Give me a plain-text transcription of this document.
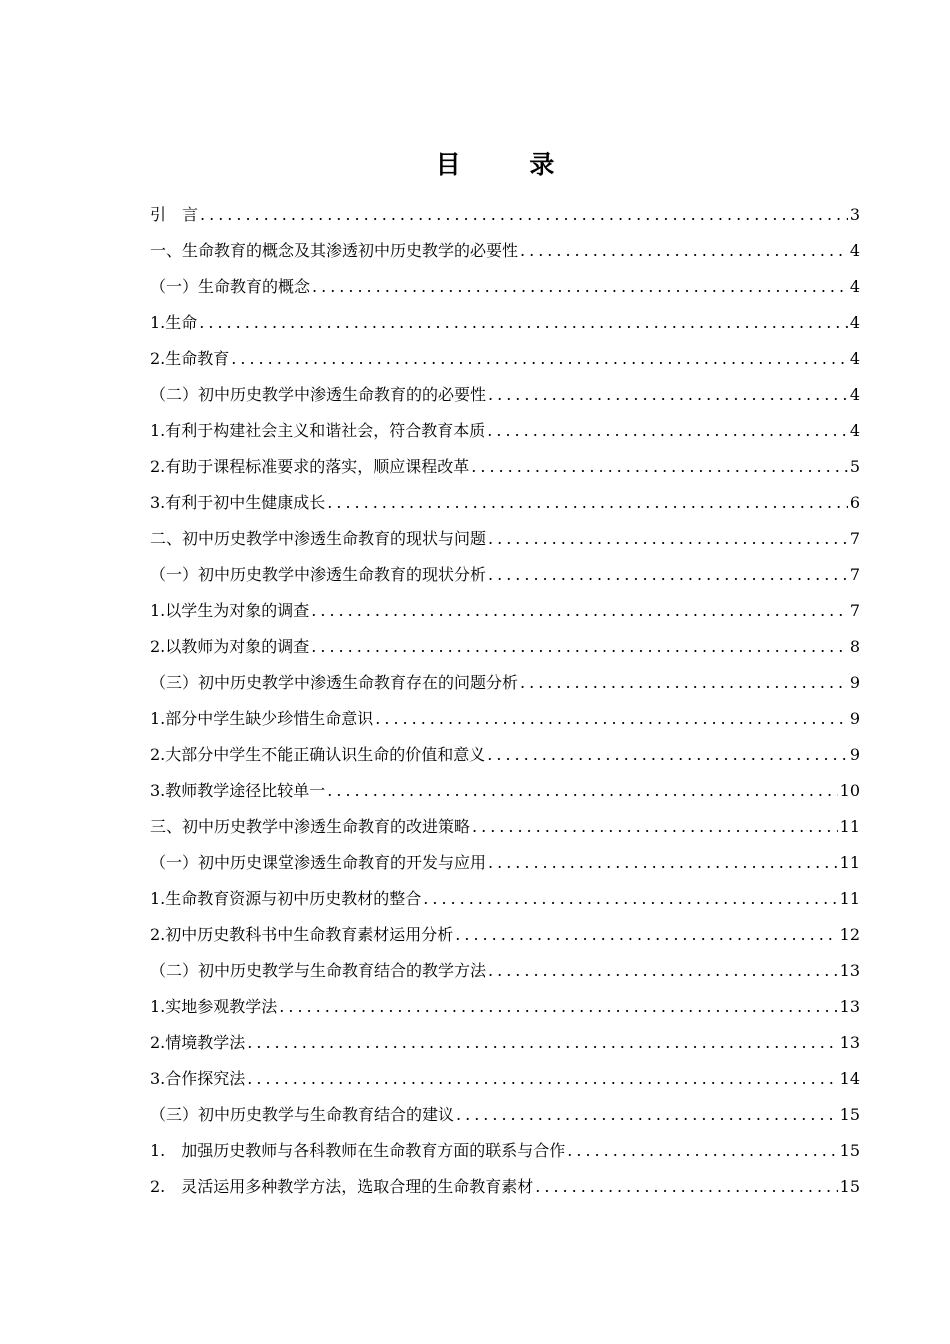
目 录
引　言 .....	3
一、生命教育的概念及其渗透初中历史教学的必要性 .....	4
（一）生命教育的概念 .....	4
1.生命 .....	4
2.生命教育 .....	4
（二）初中历史教学中渗透生命教育的的必要性 .....	4
1.有利于构建社会主义和谐社会，符合教育本质 .....	4
2.有助于课程标准要求的落实，顺应课程改革 .....	5
3.有利于初中生健康成长 .....	6
二、初中历史教学中渗透生命教育的现状与问题 .....	7
（一）初中历史教学中渗透生命教育的现状分析 .....	7
1.以学生为对象的调查 .....	7
2.以教师为对象的调查 .....	8
（三）初中历史教学中渗透生命教育存在的问题分析 .....	9
1.部分中学生缺少珍惜生命意识 .....	9
2.大部分中学生不能正确认识生命的价值和意义 .....	9
3.教师教学途径比较单一 .....	10
三、初中历史教学中渗透生命教育的改进策略 .....	11
（一）初中历史课堂渗透生命教育的开发与应用 .....	11
1.生命教育资源与初中历史教材的整合 .....	11
2.初中历史教科书中生命教育素材运用分析 .....	12
（二）初中历史教学与生命教育结合的教学方法 .....	13
1.实地参观教学法 .....	13
2.情境教学法 .....	13
3.合作探究法 .....	14
（三）初中历史教学与生命教育结合的建议 .....	15
1.　加强历史教师与各科教师在生命教育方面的联系与合作 .....	15
2.　灵活运用多种教学方法，选取合理的生命教育素材 .....	15
